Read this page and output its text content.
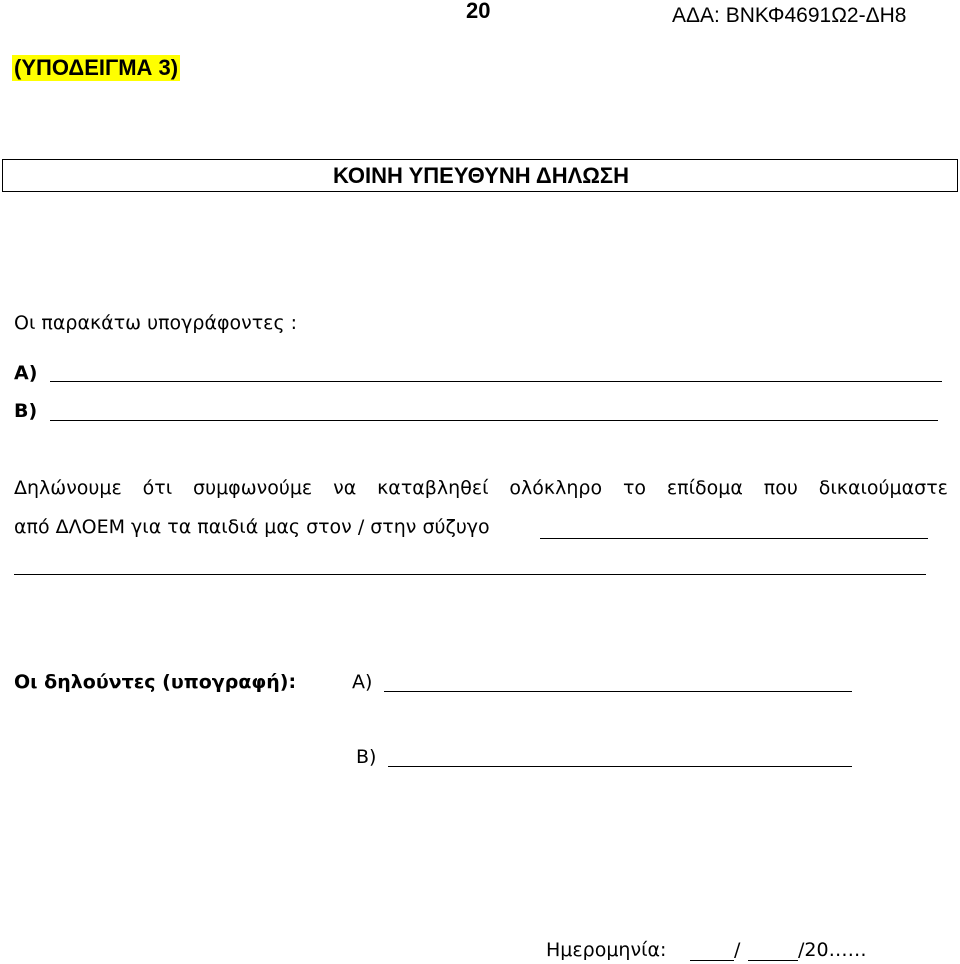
20	ΑΔΑ: ΒΝΚΦ4691Ω2-ΔΗ8
(ΥΠΟΔΕΙΓΜΑ 3)
ΚΟΙΝΗ ΥΠΕΥΘΥΝΗ ΔΗΛΩΣΗ
Οι παρακάτω υπογράφοντες :
Α)
Β)
Δηλώνουμε ότι συμφωνούμε να καταβληθεί ολόκληρο το επίδομα που δικαιούμαστε
από ΔΛΟΕΜ για τα παιδιά μας στον / στην σύζυγο
Οι δηλούντες (υπογραφή):	Α)
Β)
Ημερομηνία:	/	/20……
